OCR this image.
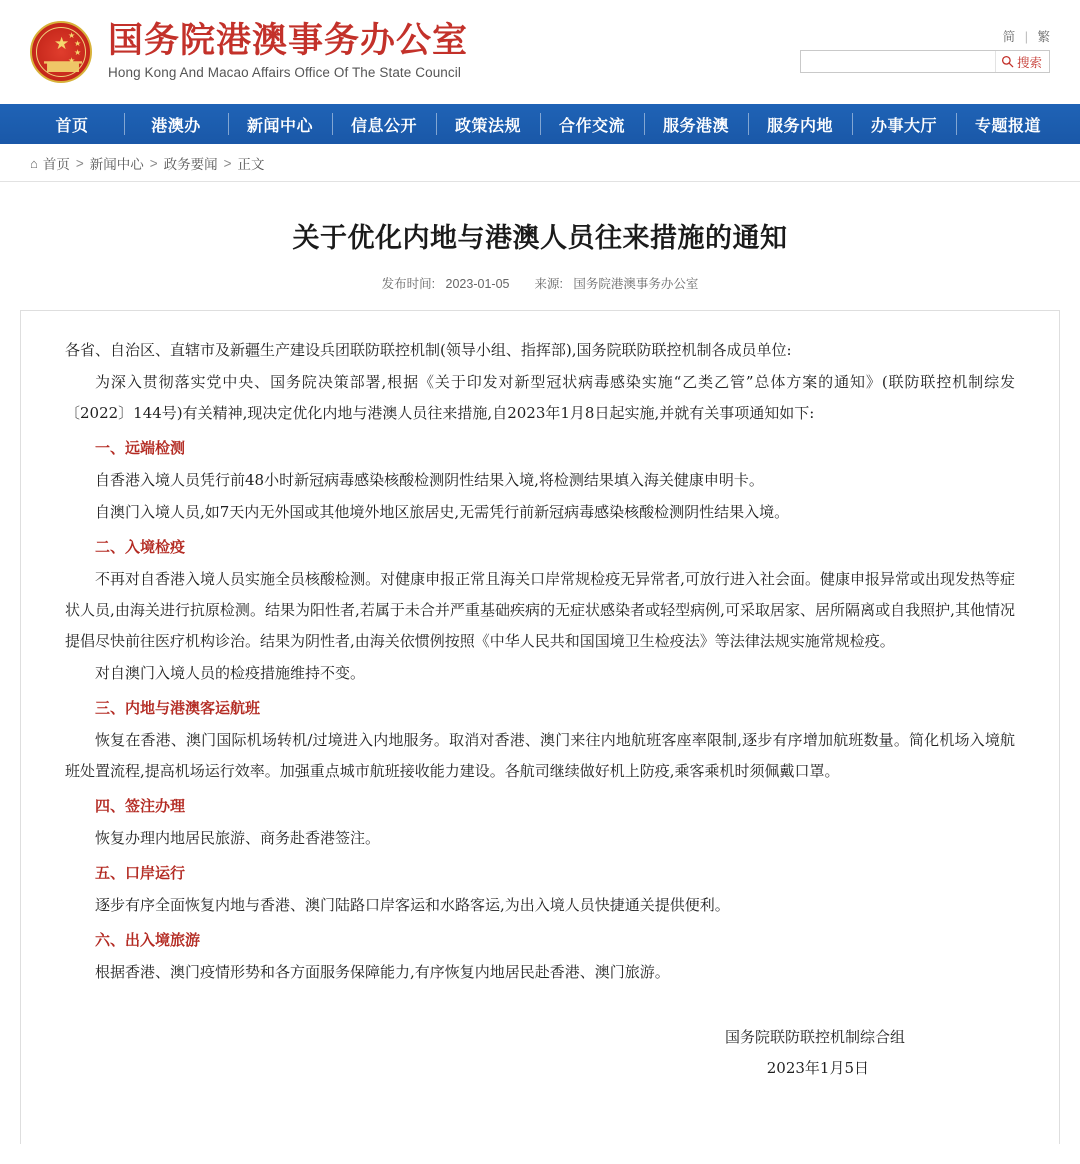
★
★
★
★
★
国务院港澳事务办公室
Hong Kong And Macao Affairs Office Of The State Council
简 | 繁
搜索
首页	港澳办	新闻中心	信息公开	政策法规	合作交流	服务港澳	服务内地	办事大厅	专题报道
⌂ 首页 > 新闻中心 > 政务要闻 > 正文
关于优化内地与港澳人员往来措施的通知
发布时间: 2023-01-05 来源: 国务院港澳事务办公室

各省、自治区、直辖市及新疆生产建设兵团联防联控机制(领导小组、指挥部),国务院联防联控机制各成员单位:

为深入贯彻落实党中央、国务院决策部署,根据《关于印发对新型冠状病毒感染实施“乙类乙管”总体方案的通知》(联防联控机制综发〔2022〕144号)有关精神,现决定优化内地与港澳人员往来措施,自2023年1月8日起实施,并就有关事项通知如下:

一、远端检测

自香港入境人员凭行前48小时新冠病毒感染核酸检测阴性结果入境,将检测结果填入海关健康申明卡。

自澳门入境人员,如7天内无外国或其他境外地区旅居史,无需凭行前新冠病毒感染核酸检测阴性结果入境。

二、入境检疫

不再对自香港入境人员实施全员核酸检测。对健康申报正常且海关口岸常规检疫无异常者,可放行进入社会面。健康申报异常或出现发热等症状人员,由海关进行抗原检测。结果为阳性者,若属于未合并严重基础疾病的无症状感染者或轻型病例,可采取居家、居所隔离或自我照护,其他情况提倡尽快前往医疗机构诊治。结果为阴性者,由海关依惯例按照《中华人民共和国国境卫生检疫法》等法律法规实施常规检疫。

对自澳门入境人员的检疫措施维持不变。

三、内地与港澳客运航班

恢复在香港、澳门国际机场转机/过境进入内地服务。取消对香港、澳门来往内地航班客座率限制,逐步有序增加航班数量。简化机场入境航班处置流程,提高机场运行效率。加强重点城市航班接收能力建设。各航司继续做好机上防疫,乘客乘机时须佩戴口罩。

四、签注办理

恢复办理内地居民旅游、商务赴香港签注。

五、口岸运行

逐步有序全面恢复内地与香港、澳门陆路口岸客运和水路客运,为出入境人员快捷通关提供便利。

六、出入境旅游

根据香港、澳门疫情形势和各方面服务保障能力,有序恢复内地居民赴香港、澳门旅游。

国务院联防联控机制综合组

2023年1月5日
